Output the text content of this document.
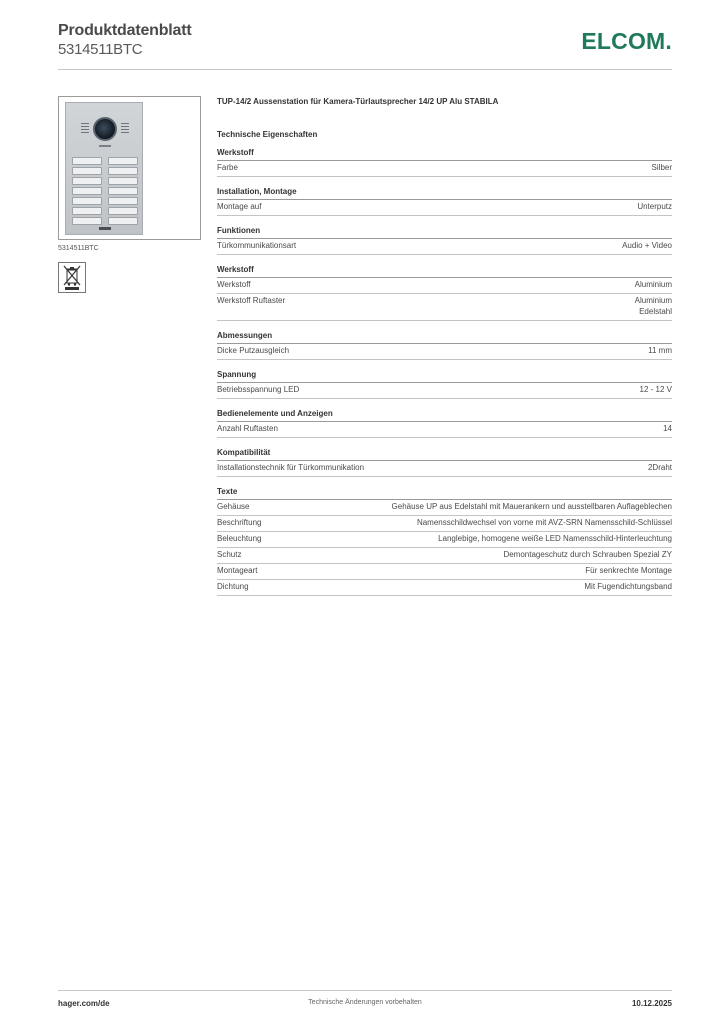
Produktdatenblatt
5314511BTC	ELCOM.
5314511BTC
TUP-14/2 Aussenstation für Kamera-Türlautsprecher 14/2 UP Alu STABILA
Technische Eigenschaften
Werkstoff
Farbe	Silber
Installation, Montage
Montage auf	Unterputz
Funktionen
Türkommunikationsart	Audio + Video
Werkstoff
Werkstoff	Aluminium
Werkstoff Ruftaster	Aluminium
Edelstahl
Abmessungen
Dicke Putzausgleich	11 mm
Spannung
Betriebsspannung LED	12 - 12 V
Bedienelemente und Anzeigen
Anzahl Ruftasten	14
Kompatibilität
Installationstechnik für Türkommunikation	2Draht
Texte
Gehäuse	Gehäuse UP aus Edelstahl mit Mauerankern und ausstellbaren Auflageblechen
Beschriftung	Namensschildwechsel von vorne mit AVZ-SRN Namensschild-Schlüssel
Beleuchtung	Langlebige, homogene weiße LED Namensschild-Hinterleuchtung
Schutz	Demontageschutz durch Schrauben Spezial ZY
Montageart	Für senkrechte Montage
Dichtung	Mit Fugendichtungsband
hager.com/de	Technische Änderungen vorbehalten	10.12.2025
